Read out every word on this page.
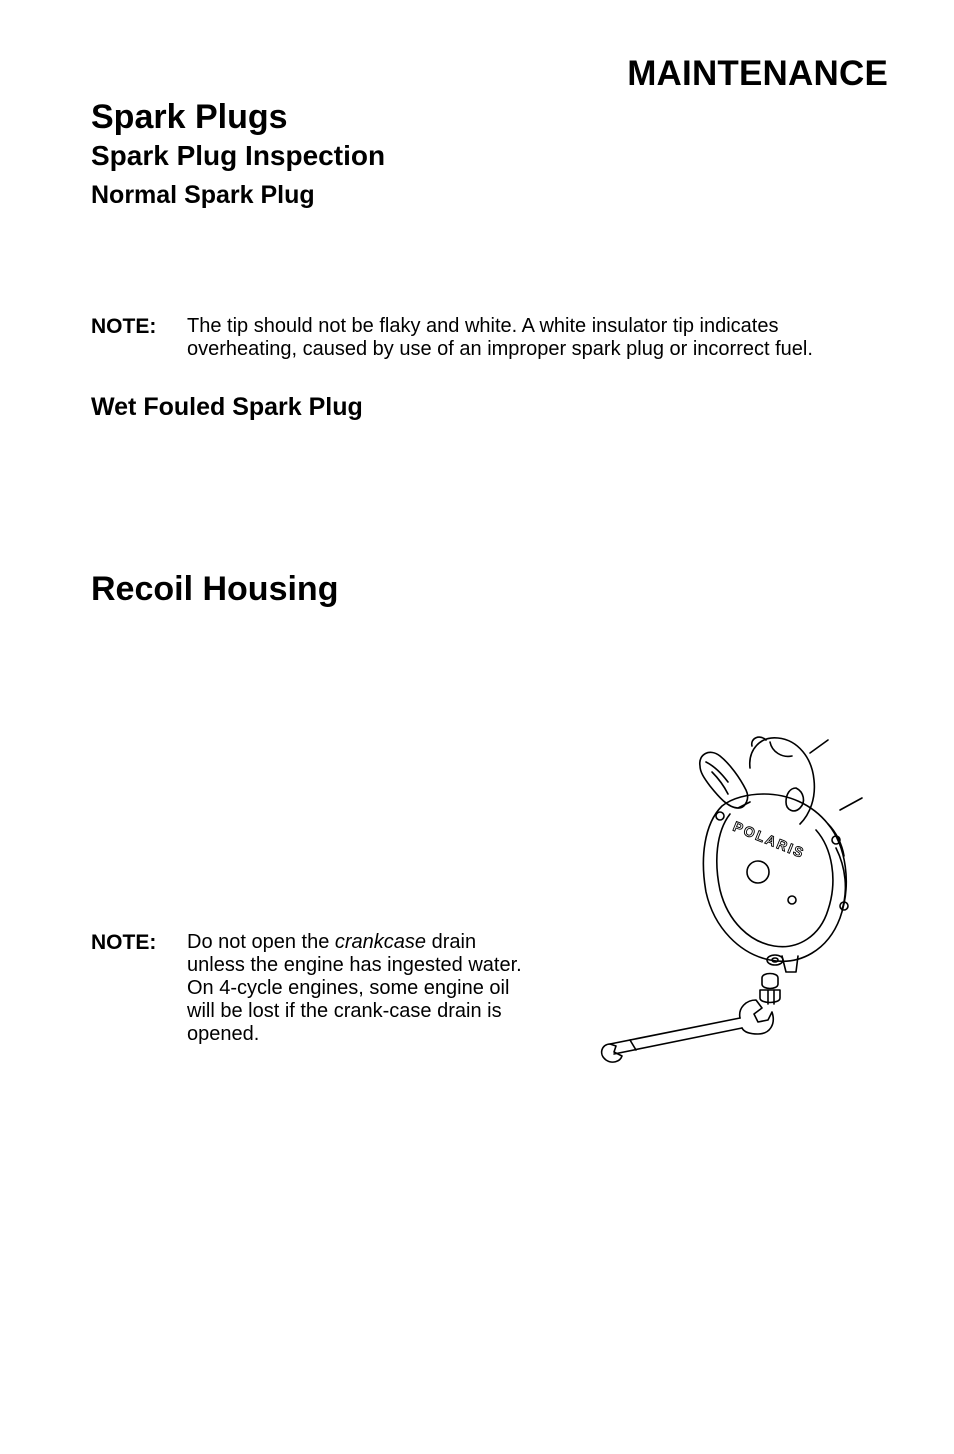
MAINTENANCE
Spark Plugs
Spark Plug Inspection
Normal Spark Plug
NOTE:	The tip should not be flaky and white. A white insulator tip indicates overheating, caused by use of an improper spark plug or incorrect fuel.
Wet Fouled Spark Plug
Recoil Housing
NOTE:	Do not open the crankcase drain unless the engine has ingested water. On 4-cycle engines, some engine oil will be lost if the crank-case drain is opened.
POLARIS
